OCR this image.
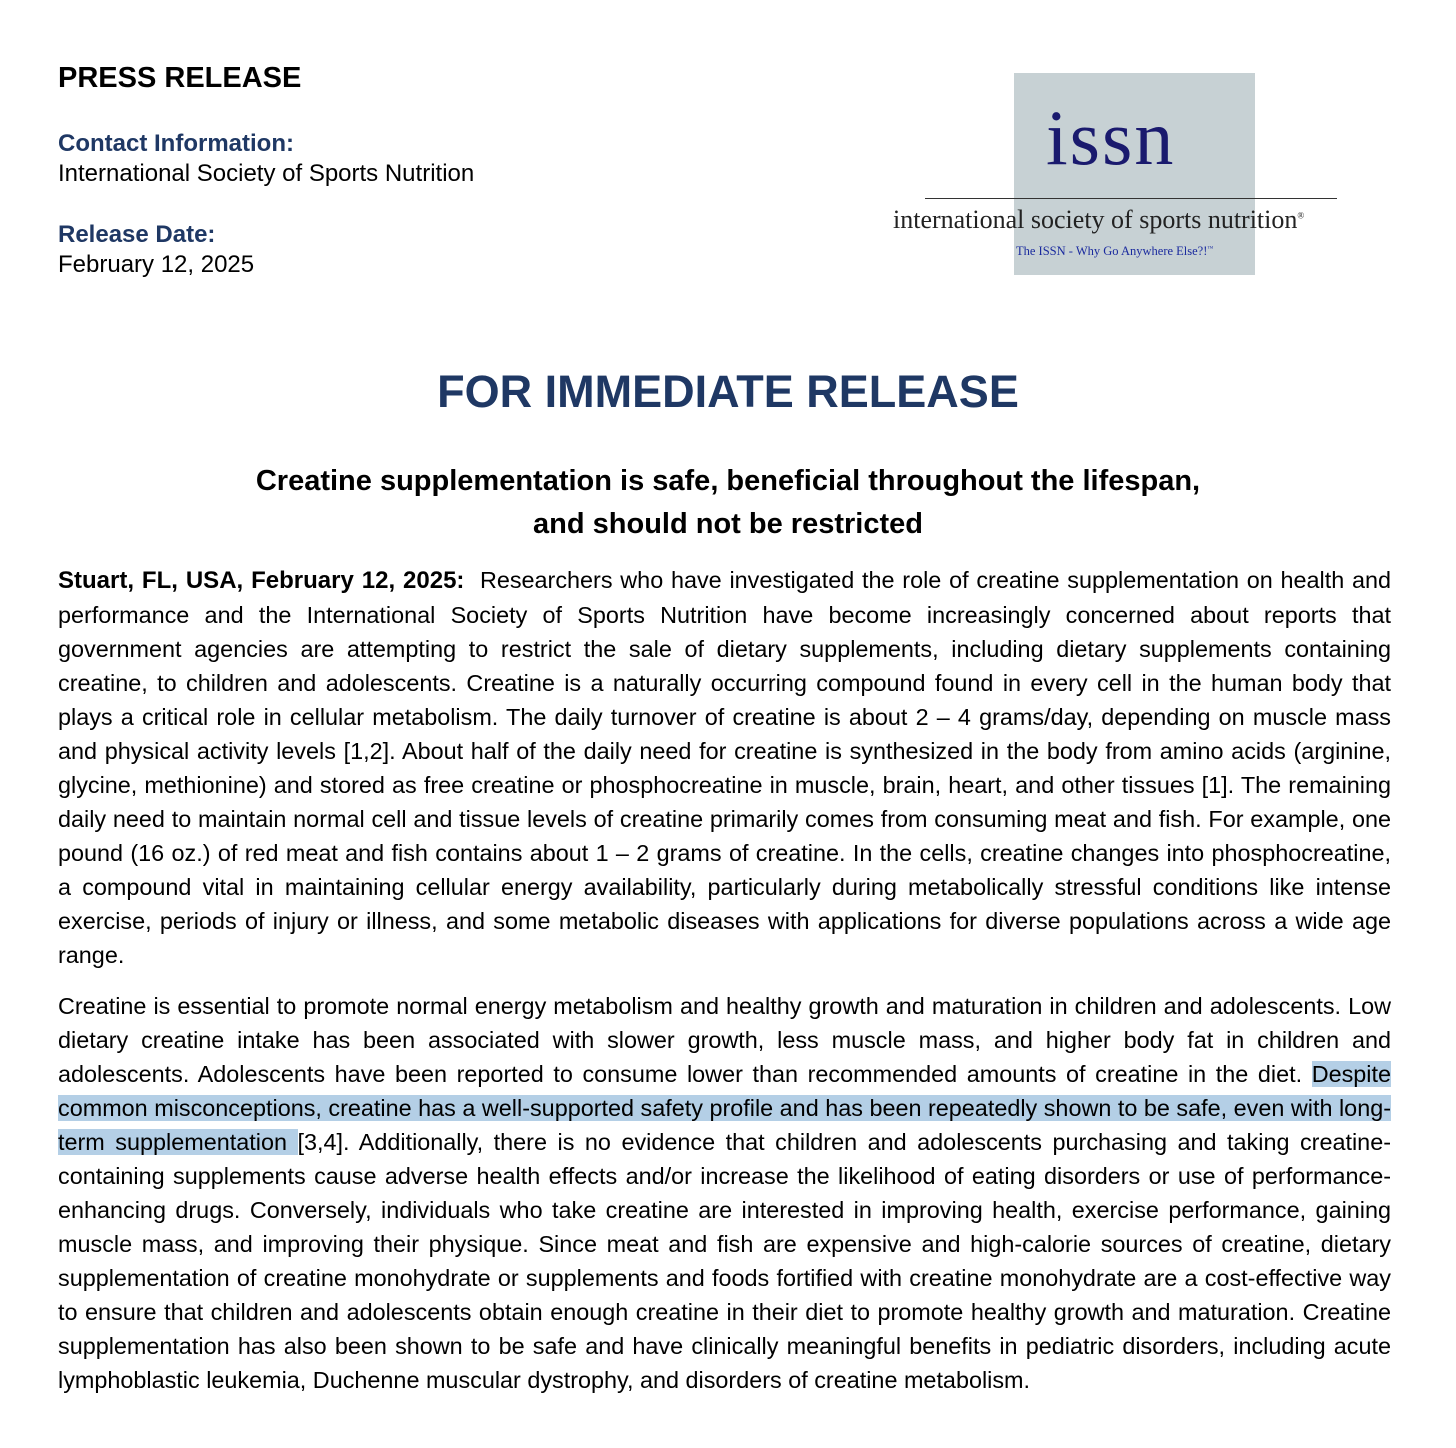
PRESS RELEASE
Contact Information:
International Society of Sports Nutrition
Release Date:
February 12, 2025
issn
international society of sports nutrition®
The ISSN - Why Go Anywhere Else?!™
FOR IMMEDIATE RELEASE
Creatine supplementation is safe, beneficial throughout the lifespan,
and should not be restricted
Stuart, FL, USA, February 12, 2025: Researchers who have investigated the role of creatine supplementation on health and performance and the International Society of Sports Nutrition have become increasingly concerned about reports that government agencies are attempting to restrict the sale of dietary supplements, including dietary supplements containing creatine, to children and adolescents. Creatine is a naturally occurring compound found in every cell in the human body that plays a critical role in cellular metabolism. The daily turnover of creatine is about 2 – 4 grams/day, depending on muscle mass and physical activity levels [1,2]. About half of the daily need for creatine is synthesized in the body from amino acids (arginine, glycine, methionine) and stored as free creatine or phosphocreatine in muscle, brain, heart, and other tissues [1]. The remaining daily need to maintain normal cell and tissue levels of creatine primarily comes from consuming meat and fish. For example, one pound (16 oz.) of red meat and fish contains about 1 – 2 grams of creatine. In the cells, creatine changes into phosphocreatine, a compound vital in maintaining cellular energy availability, particularly during metabolically stressful conditions like intense exercise, periods of injury or illness, and some metabolic diseases with applications for diverse populations across a wide age range.
Creatine is essential to promote normal energy metabolism and healthy growth and maturation in children and adolescents. Low dietary creatine intake has been associated with slower growth, less muscle mass, and higher body fat in children and adolescents. Adolescents have been reported to consume lower than recommended amounts of creatine in the diet. Despite common misconceptions, creatine has a well-supported safety profile and has been repeatedly shown to be safe, even with long-term supplementation [3,4]. Additionally, there is no evidence that children and adolescents purchasing and taking creatine-containing supplements cause adverse health effects and/or increase the likelihood of eating disorders or use of performance-enhancing drugs. Conversely, individuals who take creatine are interested in improving health, exercise performance, gaining muscle mass, and improving their physique. Since meat and fish are expensive and high-calorie sources of creatine, dietary supplementation of creatine monohydrate or supplements and foods fortified with creatine monohydrate are a cost-effective way to ensure that children and adolescents obtain enough creatine in their diet to promote healthy growth and maturation. Creatine supplementation has also been shown to be safe and have clinically meaningful benefits in pediatric disorders, including acute lymphoblastic leukemia, Duchenne muscular dystrophy, and disorders of creatine metabolism.
